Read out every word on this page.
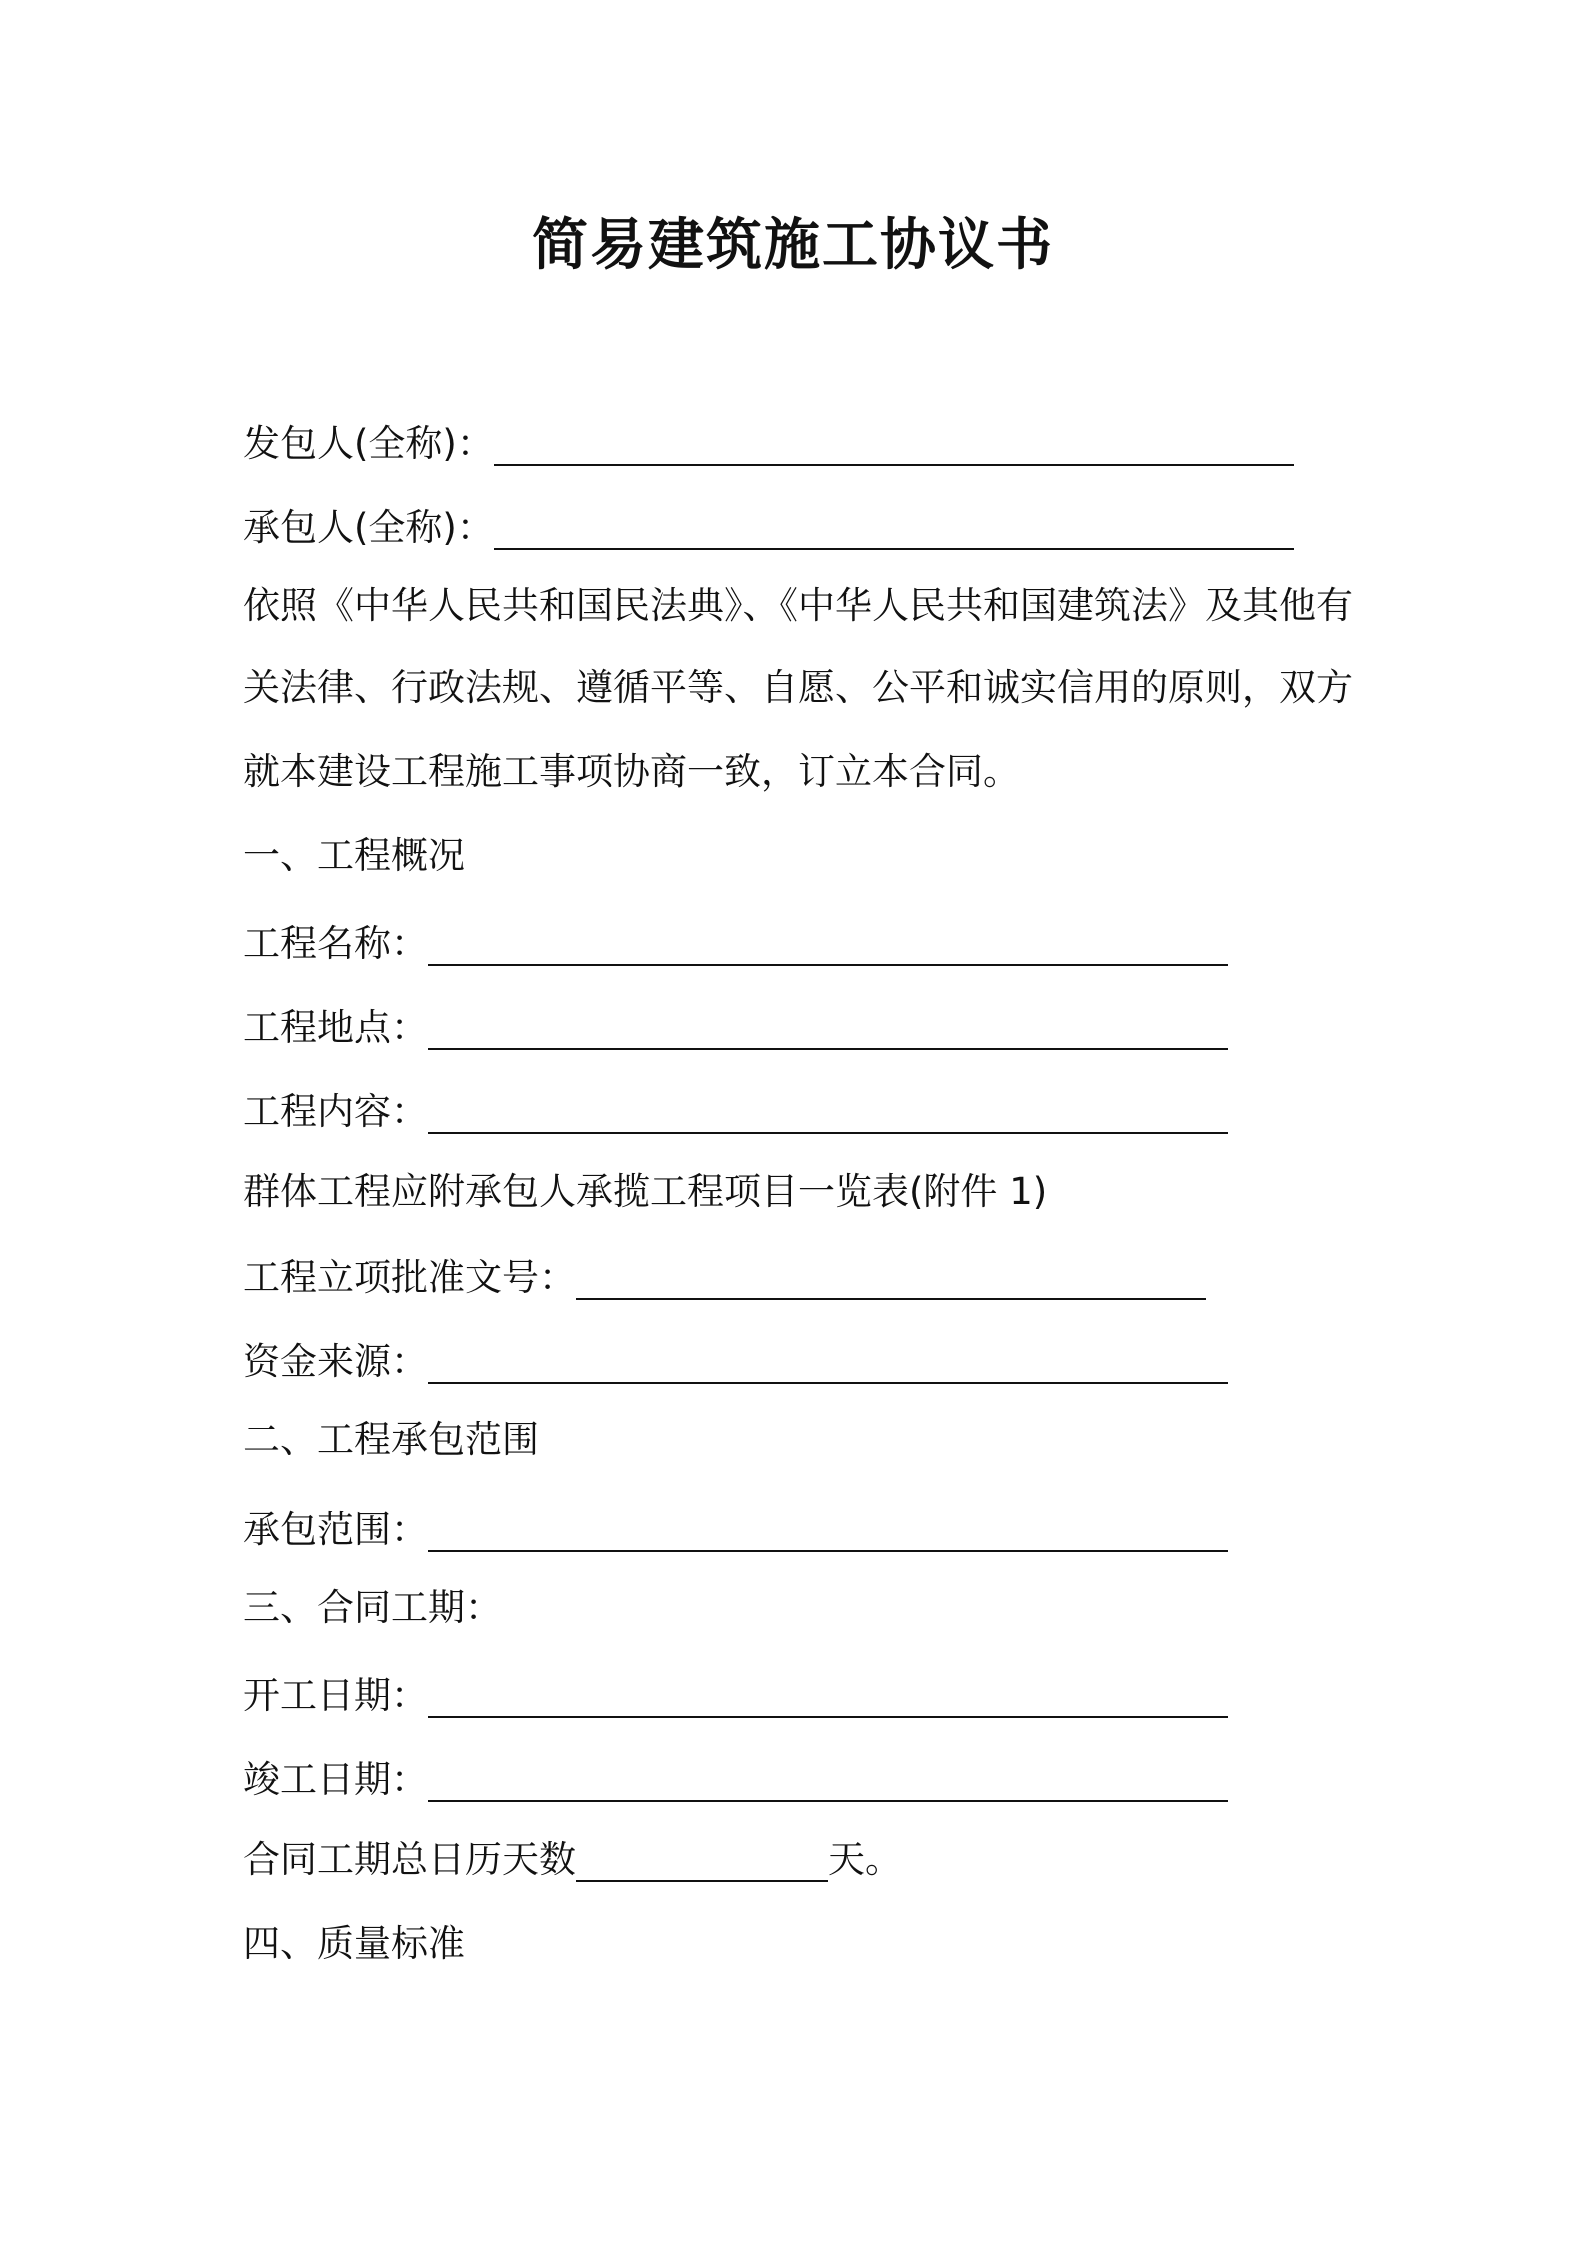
简易建筑施工协议书
发包人(全称)：
承包人(全称)：
依照《中华人民共和国民法典》、《中华人民共和国建筑法》及其他有
关法律、行政法规、遵循平等、自愿、公平和诚实信用的原则，双方
就本建设工程施工事项协商一致，订立本合同。
一、工程概况
工程名称：
工程地点：
工程内容：
群体工程应附承包人承揽工程项目一览表(附件 1)
工程立项批准文号：
资金来源：
二、工程承包范围
承包范围：
三、合同工期：
开工日期：
竣工日期：
合同工期总日历天数	天。
四、质量标准
